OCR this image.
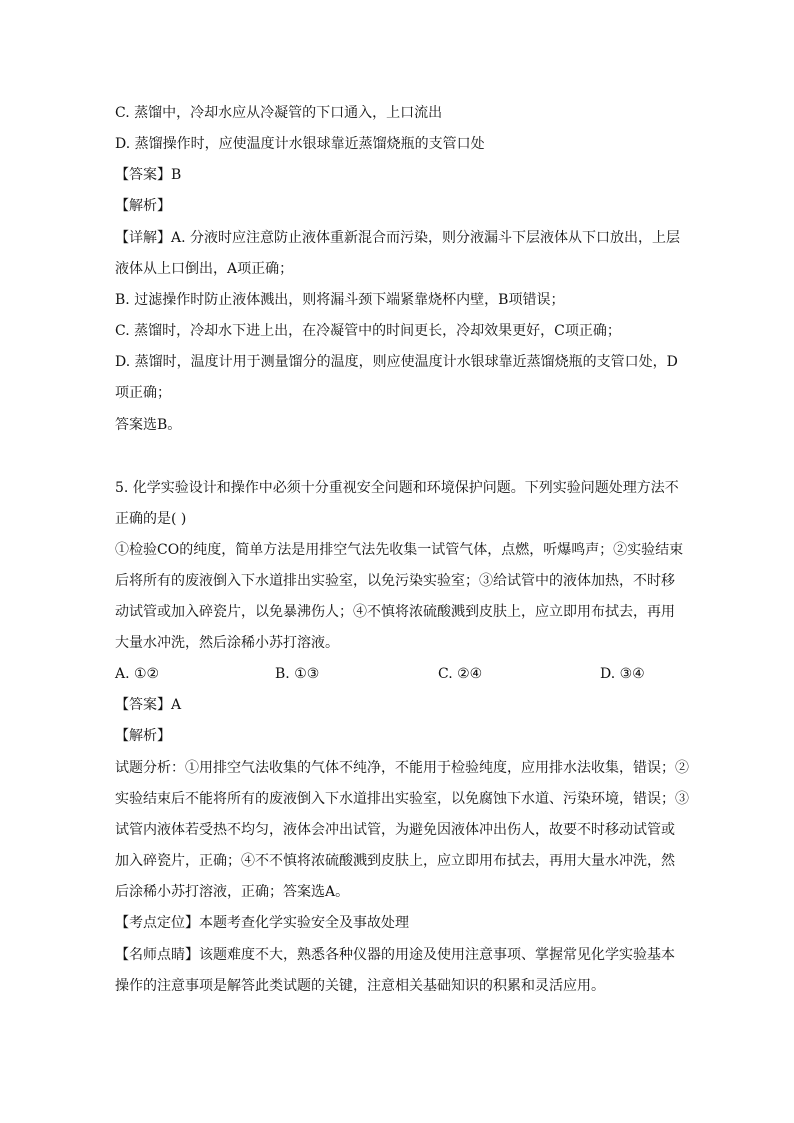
C. 蒸馏中，冷却水应从冷凝管的下口通入，上口流出
D. 蒸馏操作时，应使温度计水银球靠近蒸馏烧瓶的支管口处
【答案】B
【解析】
【详解】A. 分液时应注意防止液体重新混合而污染，则分液漏斗下层液体从下口放出，上层
液体从上口倒出，A项正确；
B. 过滤操作时防止液体溅出，则将漏斗颈下端紧靠烧杯内壁，B项错误；
C. 蒸馏时，冷却水下进上出，在冷凝管中的时间更长，冷却效果更好，C项正确；
D. 蒸馏时，温度计用于测量馏分的温度，则应使温度计水银球靠近蒸馏烧瓶的支管口处，D
项正确；
答案选B。
5. 化学实验设计和操作中必须十分重视安全问题和环境保护问题。下列实验问题处理方法不
正确的是( )
①检验CO的纯度，简单方法是用排空气法先收集一试管气体，点燃，听爆鸣声；②实验结束
后将所有的废液倒入下水道排出实验室，以免污染实验室；③给试管中的液体加热，不时移
动试管或加入碎瓷片，以免暴沸伤人；④不慎将浓硫酸溅到皮肤上，应立即用布拭去，再用
大量水冲洗，然后涂稀小苏打溶液。
A. ①②	B. ①③	C. ②④	D. ③④
【答案】A
【解析】
试题分析：①用排空气法收集的气体不纯净，不能用于检验纯度，应用排水法收集，错误；②
实验结束后不能将所有的废液倒入下水道排出实验室，以免腐蚀下水道、污染环境，错误；③
试管内液体若受热不均匀，液体会冲出试管，为避免因液体冲出伤人，故要不时移动试管或
加入碎瓷片，正确；④不不慎将浓硫酸溅到皮肤上，应立即用布拭去，再用大量水冲洗，然
后涂稀小苏打溶液，正确；答案选A。
【考点定位】本题考查化学实验安全及事故处理
【名师点睛】该题难度不大，熟悉各种仪器的用途及使用注意事项、掌握常见化学实验基本
操作的注意事项是解答此类试题的关键，注意相关基础知识的积累和灵活应用。
